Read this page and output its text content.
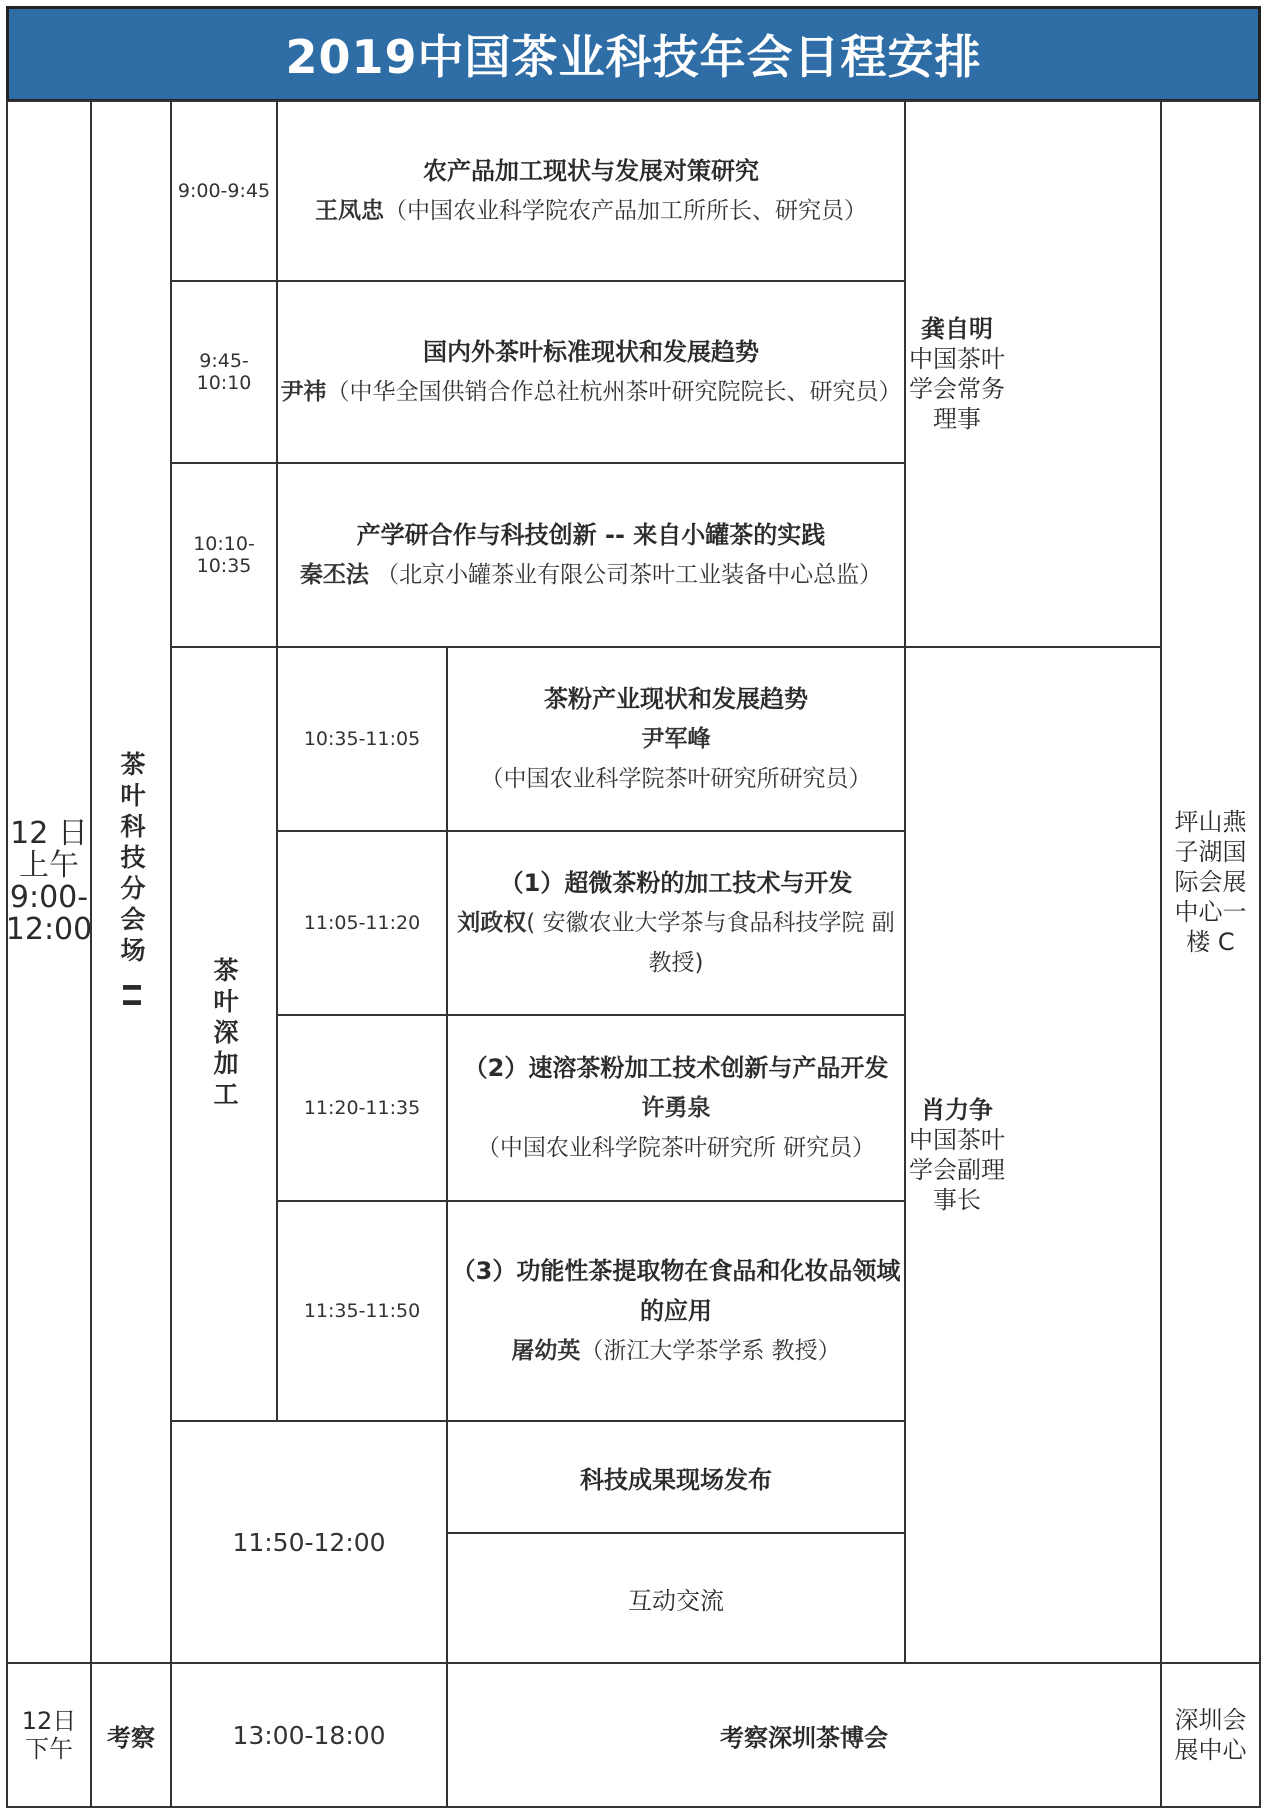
2019中国茶业科技年会日程安排
12 日
上午
9:00-
12:00 茶叶科技分会场 II
9:00-9:45
农产品加工现状与发展对策研究
王凤忠（中国农业科学院农产品加工所所长、研究员）
9:45-10:10
国内外茶叶标准现状和发展趋势
尹祎（中华全国供销合作总社杭州茶叶研究院院长、研究员）
10:10-10:35
产学研合作与科技创新 -- 来自小罐茶的实践
秦丕法 （北京小罐茶业有限公司茶叶工业装备中心总监）
龚自明
中国茶叶学会常务理事
茶叶深加工
10:35-11:05
茶粉产业现状和发展趋势
尹军峰（中国农业科学院茶叶研究所研究员）
11:05-11:20
（1）超微茶粉的加工技术与开发
刘政权( 安徽农业大学茶与食品科技学院 副教授)
11:20-11:35
（2）速溶茶粉加工技术创新与产品开发
许勇泉（中国农业科学院茶叶研究所 研究员）
11:35-11:50
（3）功能性茶提取物在食品和化妆品领域的应用
屠幼英（浙江大学茶学系 教授）
肖力争
中国茶叶学会副理事长
坪山燕子湖国际会展中心一楼 C
11:50-12:00
科技成果现场发布
互动交流
12日
下午 考察	13:00-18:00	考察深圳茶博会
深圳会展中心
